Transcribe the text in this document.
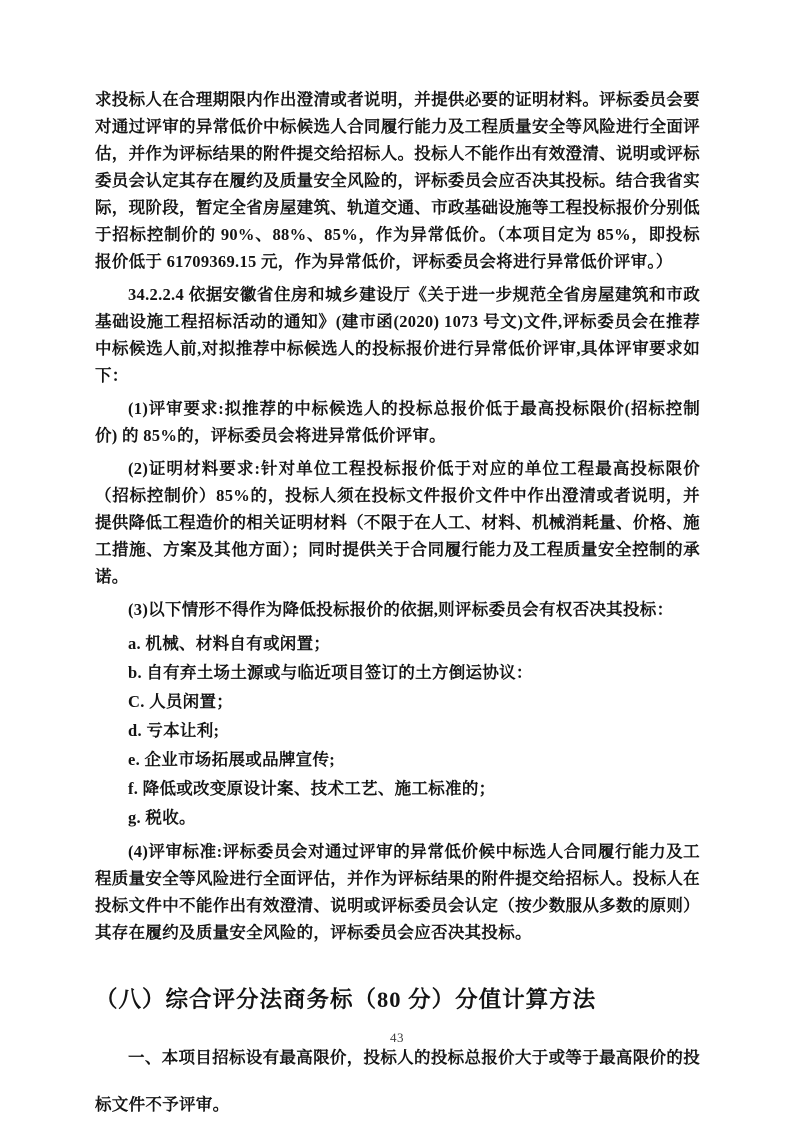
求投标人在合理期限内作出澄清或者说明，并提供必要的证明材料。评标委员会要对通过评审的异常低价中标候选人合同履行能力及工程质量安全等风险进行全面评估，并作为评标结果的附件提交给招标人。投标人不能作出有效澄清、说明或评标委员会认定其存在履约及质量安全风险的，评标委员会应否决其投标。结合我省实际，现阶段，暂定全省房屋建筑、轨道交通、市政基础设施等工程投标报价分别低于招标控制价的 90%、88%、85%，作为异常低价。（本项目定为 85%，即投标报价低于 61709369.15 元，作为异常低价，评标委员会将进行异常低价评审。）

34.2.2.4 依据安徽省住房和城乡建设厅《关于进一步规范全省房屋建筑和市政基础设施工程招标活动的通知》(建市函(2020) 1073 号文)文件,评标委员会在推荐中标候选人前,对拟推荐中标候选人的投标报价进行异常低价评审,具体评审要求如下：

(1)评审要求:拟推荐的中标候选人的投标总报价低于最高投标限价(招标控制价) 的 85%的，评标委员会将进异常低价评审。

(2)证明材料要求:针对单位工程投标报价低于对应的单位工程最高投标限价（招标控制价）85%的，投标人须在投标文件报价文件中作出澄清或者说明，并提供降低工程造价的相关证明材料（不限于在人工、材料、机械消耗量、价格、施工措施、方案及其他方面）；同时提供关于合同履行能力及工程质量安全控制的承诺。

(3)以下情形不得作为降低投标报价的依据,则评标委员会有权否决其投标：

a. 机械、材料自有或闲置；

b. 自有弃土场土源或与临近项目签订的土方倒运协议：

C. 人员闲置；

d. 亏本让利;

e. 企业市场拓展或品牌宣传;

f. 降低或改变原设计案、技术工艺、施工标准的；

g. 税收。

(4)评审标准:评标委员会对通过评审的异常低价候中标选人合同履行能力及工程质量安全等风险进行全面评估，并作为评标结果的附件提交给招标人。投标人在投标文件中不能作出有效澄清、说明或评标委员会认定（按少数服从多数的原则）其存在履约及质量安全风险的，评标委员会应否决其投标。

（八）综合评分法商务标（80 分）分值计算方法

一、本项目招标设有最高限价，投标人的投标总报价大于或等于最高限价的投标文件不予评审。

43
